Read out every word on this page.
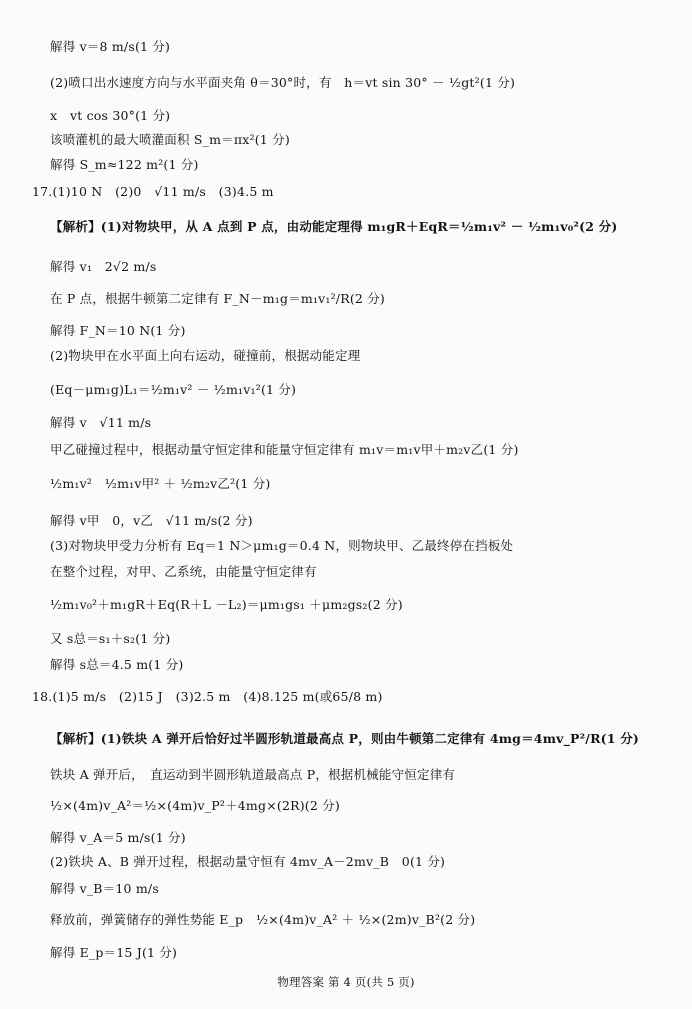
解得 v＝8 m/s(1 分)
(2)喷口出水速度方向与水平面夹角 θ＝30°时，有　h＝vt sin 30° － ½gt²(1 分)
x　vt cos 30°(1 分)
该喷灌机的最大喷灌面积 S_m＝πx²(1 分)
解得 S_m≈122 m²(1 分)
17.(1)10 N　(2)0　√11 m/s　(3)4.5 m
【解析】(1)对物块甲，从 A 点到 P 点，由动能定理得 m₁gR＋EqR＝½m₁v² － ½m₁v₀²(2 分)
解得 v₁　2√2 m/s
在 P 点，根据牛顿第二定律有 F_N－m₁g＝m₁v₁²/R(2 分)
解得 F_N＝10 N(1 分)
(2)物块甲在水平面上向右运动，碰撞前，根据动能定理
(Eq－μm₁g)L₁＝½m₁v² － ½m₁v₁²(1 分)
解得 v　√11 m/s
甲乙碰撞过程中，根据动量守恒定律和能量守恒定律有 m₁v＝m₁v甲＋m₂v乙(1 分)
½m₁v²　½m₁v甲² ＋ ½m₂v乙²(1 分)
解得 v甲　0，v乙　√11 m/s(2 分)
(3)对物块甲受力分析有 Eq＝1 N＞μm₁g＝0.4 N，则物块甲、乙最终停在挡板处
在整个过程，对甲、乙系统，由能量守恒定律有
½m₁v₀²＋m₁gR＋Eq(R＋L －L₂)＝μm₁gs₁ ＋μm₂gs₂(2 分)
又 s总＝s₁＋s₂(1 分)
解得 s总＝4.5 m(1 分)
18.(1)5 m/s　(2)15 J　(3)2.5 m　(4)8.125 m(或65/8 m)
【解析】(1)铁块 A 弹开后恰好过半圆形轨道最高点 P，则由牛顿第二定律有 4mg＝4mv_P²/R(1 分)
铁块 A 弹开后，　直运动到半圆形轨道最高点 P，根据机械能守恒定律有
½×(4m)v_A²＝½×(4m)v_P²＋4mg×(2R)(2 分)
解得 v_A＝5 m/s(1 分)
(2)铁块 A、B 弹开过程，根据动量守恒有 4mv_A－2mv_B　0(1 分)
解得 v_B＝10 m/s
释放前，弹簧储存的弹性势能 E_p　½×(4m)v_A² ＋ ½×(2m)v_B²(2 分)
解得 E_p＝15 J(1 分)
物理答案 第 4 页(共 5 页)
